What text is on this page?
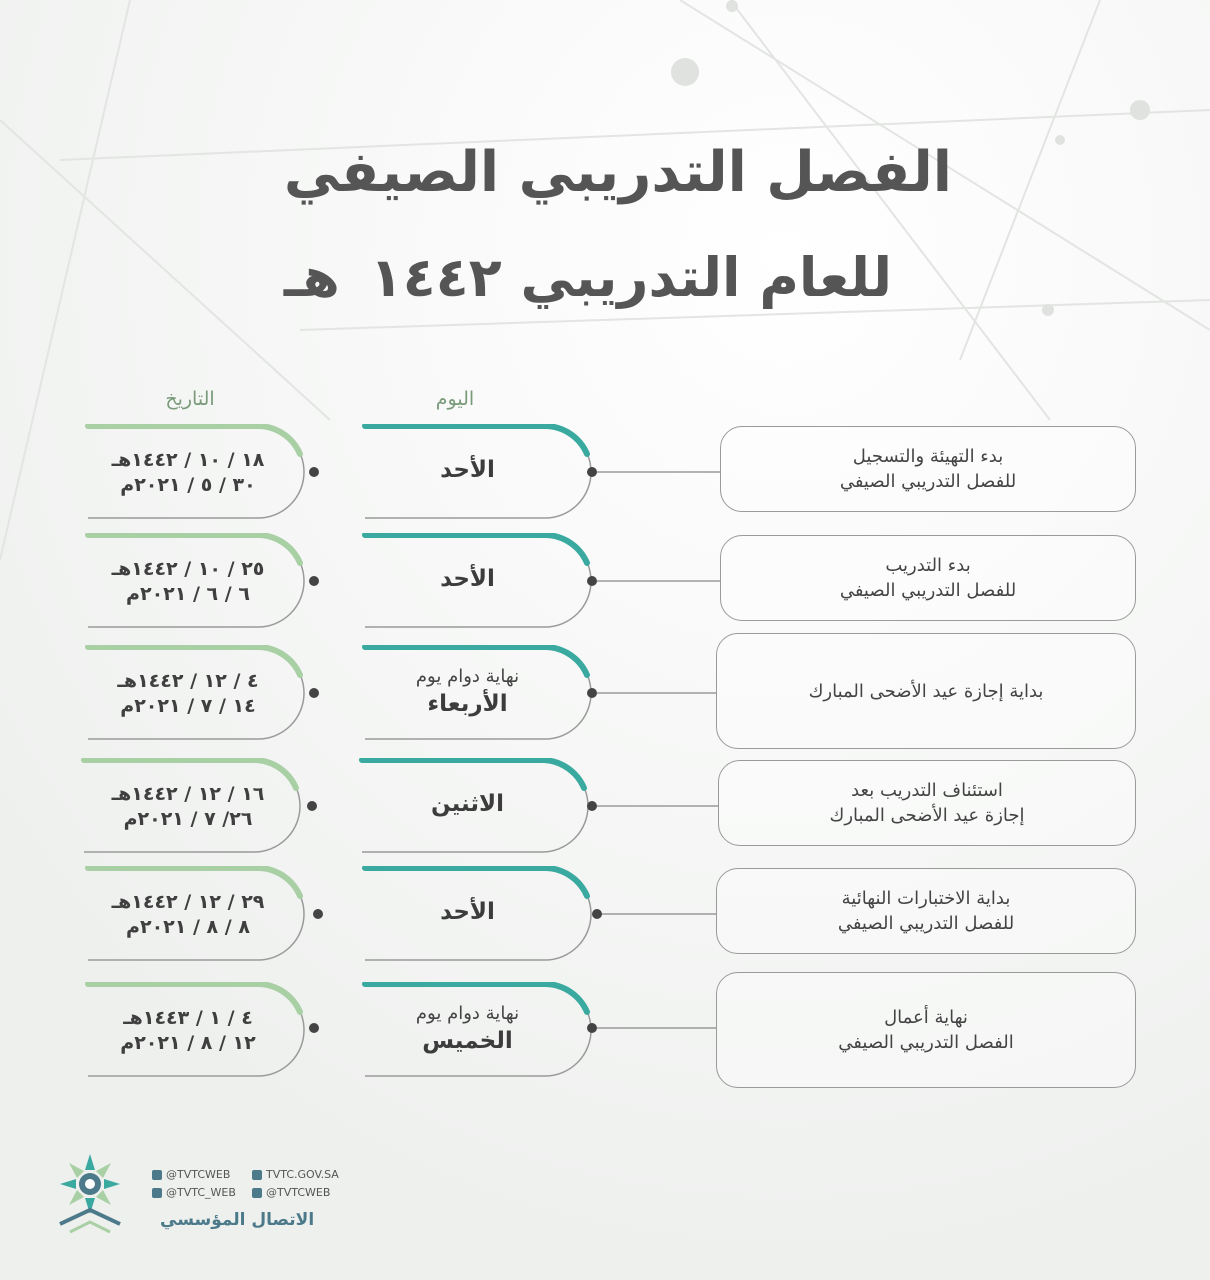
الفصل التدريبي الصيفي
للعام التدريبي ١٤٤٢هـ
التاريخ	اليوم
١٨ / ١٠ / ١٤٤٢هـ
٣٠ / ٥ / ٢٠٢١م
الأحد
بدء التهيئة والتسجيل
للفصل التدريبي الصيفي
٢٥ / ١٠ / ١٤٤٢هـ
٦ / ٦ / ٢٠٢١م
الأحد
بدء التدريب
للفصل التدريبي الصيفي
٤ / ١٢ / ١٤٤٢هـ
١٤ / ٧ / ٢٠٢١م
نهاية دوام يوم
الأربعاء	بداية إجازة عيد الأضحى المبارك
١٦ / ١٢ / ١٤٤٢هـ
٢٦/ ٧ / ٢٠٢١م
الاثنين
استئناف التدريب بعد
إجازة عيد الأضحى المبارك
٢٩ / ١٢ / ١٤٤٢هـ
٨ / ٨ / ٢٠٢١م
الأحد
بداية الاختبارات النهائية
للفصل التدريبي الصيفي
٤ / ١ / ١٤٤٣هـ
١٢ / ٨ / ٢٠٢١م
نهاية دوام يوم
الخميس
نهاية أعمال
الفصل التدريبي الصيفي
@TVTCWEB
@TVTC_WEB
TVTC.GOV.SA
@TVTCWEB
الاتصال المؤسسي
